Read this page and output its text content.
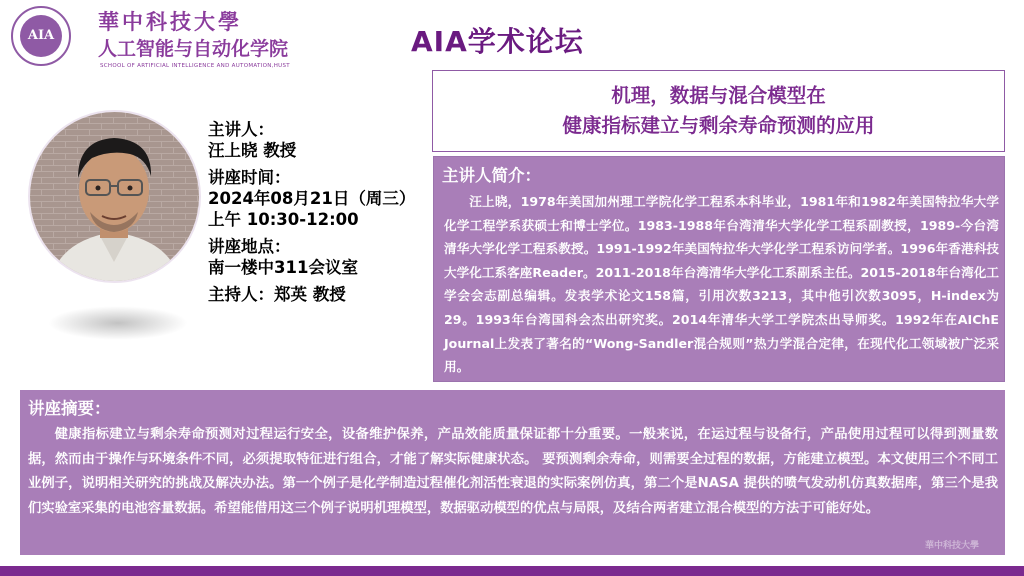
AIA
華中科技大學
人工智能与自动化学院
SCHOOL OF ARTIFICIAL INTELLIGENCE AND AUTOMATION,HUST
AIA学术论坛
机理，数据与混合模型在
健康指标建立与剩余寿命预测的应用
主讲人：
汪上晓 教授
讲座时间：
2024年08月21日（周三）
上午 10:30-12:00
讲座地点：
南一楼中311会议室
主持人：郑英 教授
主讲人简介：
汪上晓，1978年美国加州理工学院化学工程系本科毕业，1981年和1982年美国特拉华大学化学工程学系获硕士和博士学位。1983-1988年台湾清华大学化学工程系副教授，1989-今台湾清华大学化学工程系教授。1991-1992年美国特拉华大学化学工程系访问学者。1996年香港科技大学化工系客座Reader。2011-2018年台湾清华大学化工系副系主任。2015-2018年台湾化工学会会志副总编辑。发表学术论文158篇，引用次数3213，其中他引次数3095，H-index为29。1993年台湾国科会杰出研究奖。2014年清华大学工学院杰出导师奖。1992年在AIChE Journal上发表了著名的“Wong-Sandler混合规则”热力学混合定律，在现代化工领域被广泛采用。
讲座摘要：
健康指标建立与剩余寿命预测对过程运行安全，设备维护保养，产品效能质量保证都十分重要。一般来说，在运过程与设备行，产品使用过程可以得到测量数据，然而由于操作与环境条件不同，必须提取特征进行组合，才能了解实际健康状态。 要预测剩余寿命，则需要全过程的数据，方能建立模型。本文使用三个不同工业例子，说明相关研究的挑战及解决办法。第一个例子是化学制造过程催化剂活性衰退的实际案例仿真，第二个是NASA 提供的喷气发动机仿真数据库，第三个是我们实验室采集的电池容量数据。希望能借用这三个例子说明机理模型，数据驱动模型的优点与局限，及结合两者建立混合模型的方法于可能好处。
華中科技大學
